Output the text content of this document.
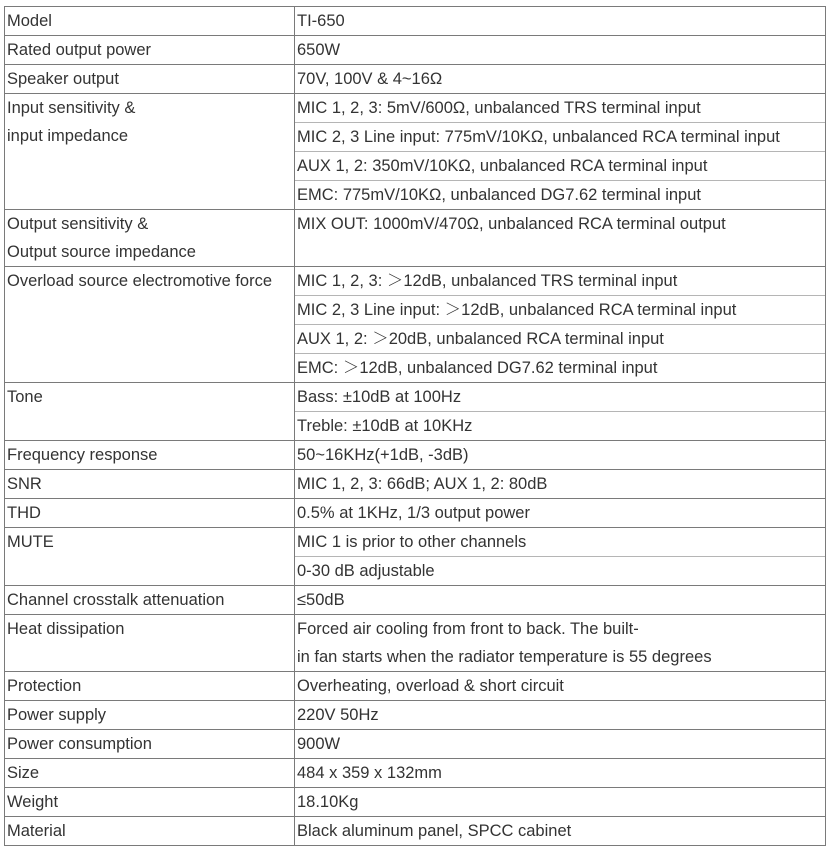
Model	TI-650

Rated output power	650W

Speaker output	70V, 100V & 4~16Ω

Input sensitivity &
input impedance	MIC 1, 2, 3: 5mV/600Ω, unbalanced TRS terminal input
MIC 2, 3 Line input: 775mV/10KΩ, unbalanced RCA terminal input
AUX 1, 2: 350mV/10KΩ, unbalanced RCA terminal input
EMC: 775mV/10KΩ, unbalanced DG7.62 terminal input

Output sensitivity &
Output source impedance	MIX OUT: 1000mV/470Ω, unbalanced RCA terminal output

Overload source electromotive force	MIC 1, 2, 3: ＞12dB, unbalanced TRS terminal input
MIC 2, 3 Line input: ＞12dB, unbalanced RCA terminal input
AUX 1, 2: ＞20dB, unbalanced RCA terminal input
EMC: ＞12dB, unbalanced DG7.62 terminal input

Tone	Bass: ±10dB at 100Hz
Treble: ±10dB at 10KHz

Frequency response	50~16KHz(+1dB, -3dB)

SNR	MIC 1, 2, 3: 66dB; AUX 1, 2: 80dB

THD	0.5% at 1KHz, 1/3 output power

MUTE	MIC 1 is prior to other channels
0-30 dB adjustable

Channel crosstalk attenuation	≤50dB

Heat dissipation	Forced air cooling from front to back. The built-
in fan starts when the radiator temperature is 55 degrees

Protection	Overheating, overload & short circuit

Power supply	220V 50Hz

Power consumption	900W

Size	484 x 359 x 132mm

Weight	18.10Kg

Material	Black aluminum panel, SPCC cabinet
